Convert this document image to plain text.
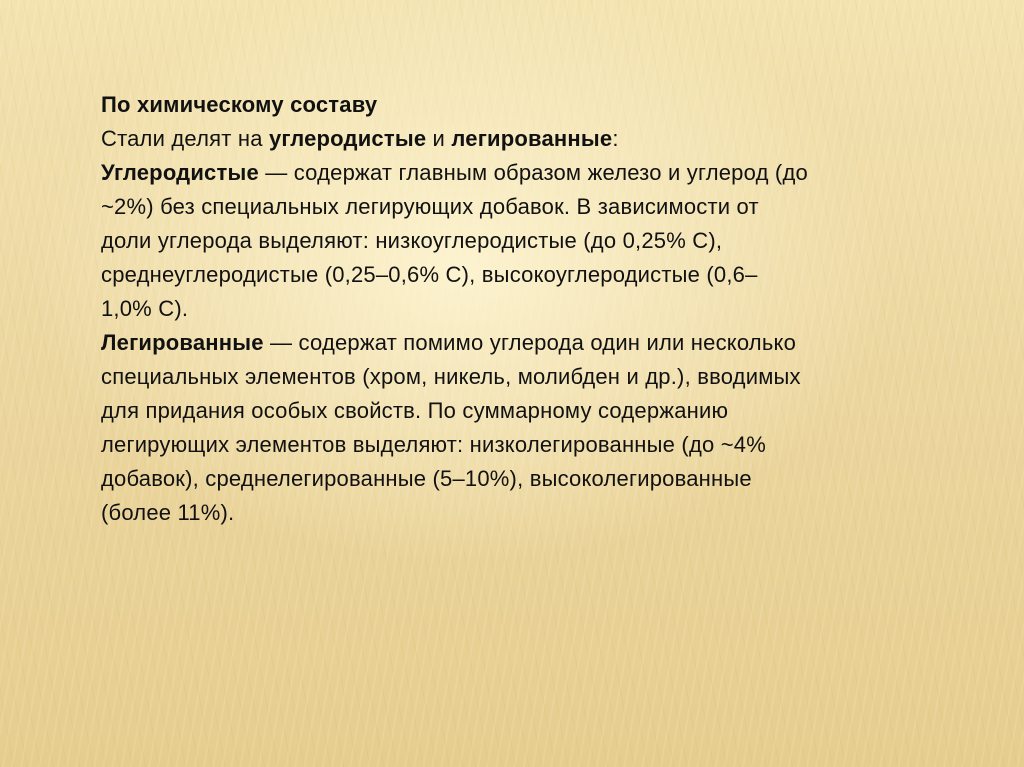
По химическому составу
Стали делят на углеродистые и легированные:
Углеродистые — содержат главным образом железо и углерод (до
~2%) без специальных легирующих добавок. В зависимости от
доли углерода выделяют: низкоуглеродистые (до 0,25% С),
среднеуглеродистые (0,25–0,6% С), высокоуглеродистые (0,6–
1,0% С).
Легированные — содержат помимо углерода один или несколько
специальных элементов (хром, никель, молибден и др.), вводимых
для придания особых свойств. По суммарному содержанию
легирующих элементов выделяют: низколегированные (до ~4%
добавок), среднелегированные (5–10%), высоколегированные
(более 11%).
